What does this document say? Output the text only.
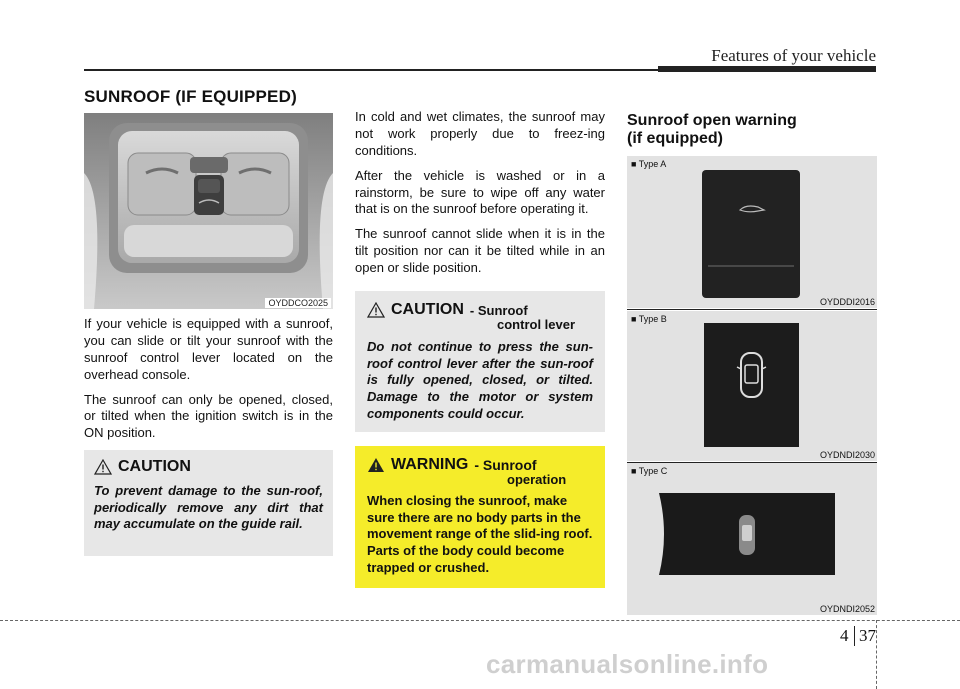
Features of your vehicle
SUNROOF (IF EQUIPPED)
OYDDCO2025

If your vehicle is equipped with a sunroof, you can slide or tilt your sunroof with the sunroof control lever located on the overhead console.

The sunroof can only be opened, closed, or tilted when the ignition switch is in the ON position.

CAUTION
To prevent damage to the sun-roof, periodically remove any dirt that may accumulate on the guide rail.

In cold and wet climates, the sunroof may not work properly due to freez-ing conditions.

After the vehicle is washed or in a rainstorm, be sure to wipe off any water that is on the sunroof before operating it.

The sunroof cannot slide when it is in the tilt position nor can it be tilted while in an open or slide position.

CAUTION - Sunroof
control lever
Do not continue to press the sun-roof control lever after the sun-roof is fully opened, closed, or tilted. Damage to the motor or system components could occur.
WARNING - Sunroof
operation
When closing the sunroof, make sure there are no body parts in the movement range of the slid-ing roof. Parts of the body could become trapped or crushed.
Sunroof open warning
(if equipped)
■ Type A
OYDDDI2016
■ Type B
OYDNDI2030
■ Type C
OYDNDI2052
4 37
carmanualsonline.info
